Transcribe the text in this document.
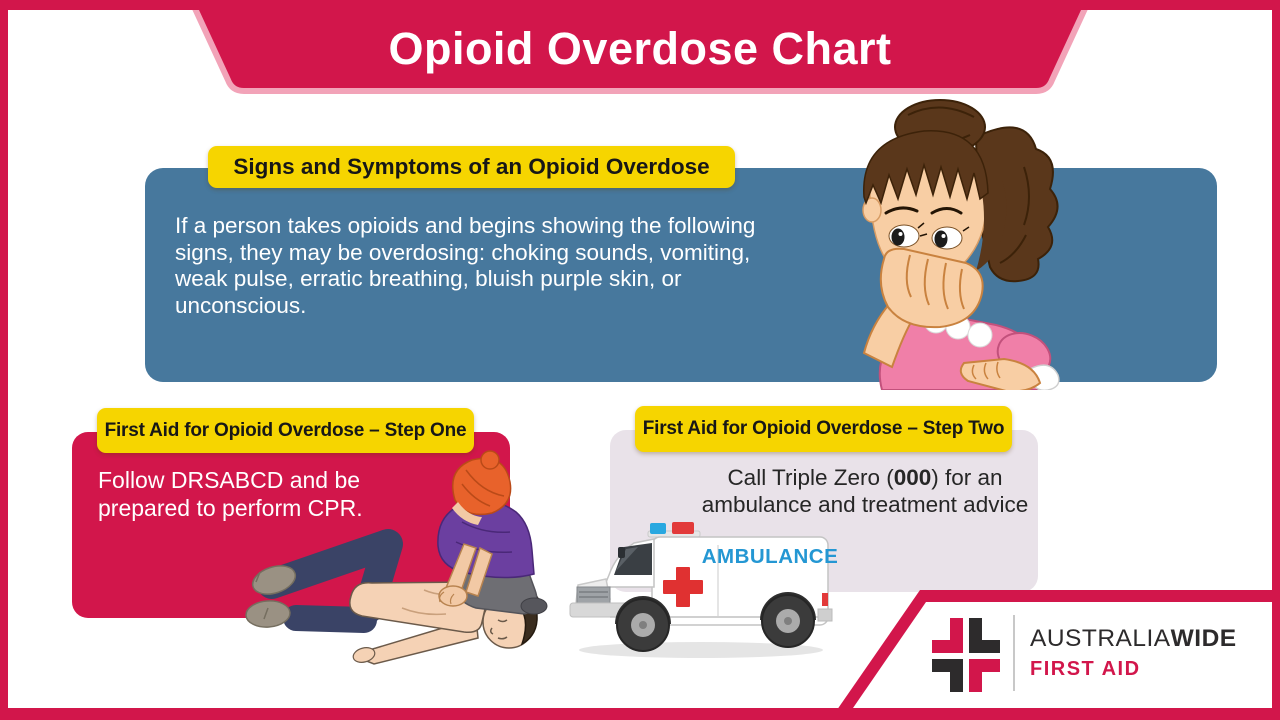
Opioid Overdose Chart
Signs and Symptoms of an Opioid Overdose
If a person takes opioids and begins showing the following
signs, they may be overdosing: choking sounds, vomiting,
weak pulse, erratic breathing, bluish purple skin, or
unconscious.
First Aid for Opioid Overdose – Step One
Follow DRSABCD and be
prepared to perform CPR.
First Aid for Opioid Overdose – Step Two
Call Triple Zero (000) for an
ambulance and treatment advice
AMBULANCE
AUSTRALIAWIDE
FIRST AID
